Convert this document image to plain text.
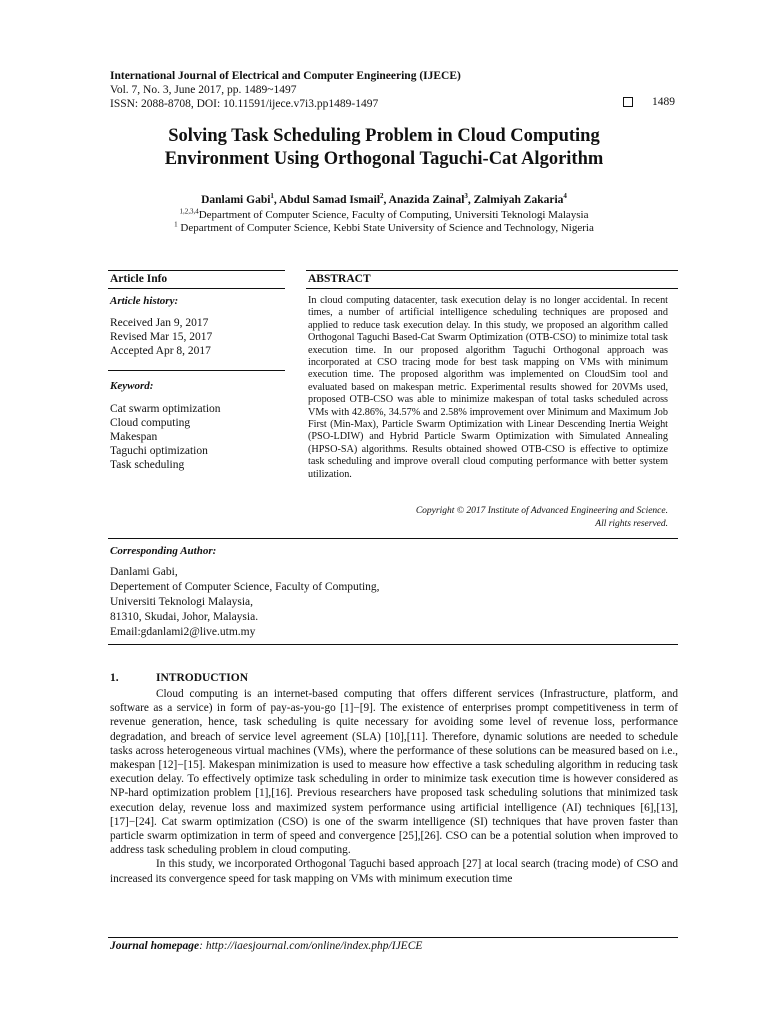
International Journal of Electrical and Computer Engineering (IJECE)
Vol. 7, No. 3, June 2017, pp. 1489~1497
ISSN: 2088-8708, DOI: 10.11591/ijece.v7i3.pp1489-1497	1489
Solving Task Scheduling Problem in Cloud Computing
Environment Using Orthogonal Taguchi-Cat Algorithm
Danlami Gabi$^1$, Abdul Samad Ismail$^2$, Anazida Zainal$^3$, Zalmiyah Zakaria$^4$
$^{1,2,3,4}$Department of Computer Science, Faculty of Computing, Universiti Teknologi Malaysia
$^1$ Department of Computer Science, Kebbi State University of Science and Technology, Nigeria
Article Info
Article history:
Received Jan 9, 2017
Revised Mar 15, 2017
Accepted Apr 8, 2017
Keyword:
Cat swarm optimization
Cloud computing
Makespan
Taguchi optimization
Task scheduling
ABSTRACT
In cloud computing datacenter, task execution delay is no longer accidental. In recent times, a number of artificial intelligence scheduling techniques are proposed and applied to reduce task execution delay. In this study, we proposed an algorithm called Orthogonal Taguchi Based-Cat Swarm Optimization (OTB-CSO) to minimize total task execution time. In our proposed algorithm Taguchi Orthogonal approach was incorporated at CSO tracing mode for best task mapping on VMs with minimum execution time. The proposed algorithm was implemented on CloudSim tool and evaluated based on makespan metric. Experimental results showed for 20VMs used, proposed OTB-CSO was able to minimize makespan of total tasks scheduled across VMs with 42.86%, 34.57% and 2.58% improvement over Minimum and Maximum Job First (Min-Max), Particle Swarm Optimization with Linear Descending Inertia Weight (PSO-LDIW) and Hybrid Particle Swarm Optimization with Simulated Annealing (HPSO-SA) algorithms. Results obtained showed OTB-CSO is effective to optimize task scheduling and improve overall cloud computing performance with better system utilization.
Copyright © 2017 Institute of Advanced Engineering and Science.
All rights reserved.
Corresponding Author:
Danlami Gabi,
Depertement of Computer Science, Faculty of Computing,
Universiti Teknologi Malaysia,
81310, Skudai, Johor, Malaysia.
Email:gdanlami2@live.utm.my
1.	INTRODUCTION

Cloud computing is an internet-based computing that offers different services (Infrastructure, platform, and software as a service) in form of pay-as-you-go [1]−[9]. The existence of enterprises prompt competitiveness in term of revenue generation, hence, task scheduling is quite necessary for avoiding some level of revenue loss, performance degradation, and breach of service level agreement (SLA) [10],[11]. Therefore, dynamic solutions are needed to schedule tasks across heterogeneous virtual machines (VMs), where the performance of these solutions can be measured based on i.e., makespan [12]−[15]. Makespan minimization is used to measure how effective a task scheduling algorithm in reducing task execution delay. To effectively optimize task scheduling in order to minimize task execution time is however considered as NP-hard optimization problem [1],[16]. Previous researchers have proposed task scheduling solutions that minimized task execution delay, revenue loss and maximized system performance using artificial intelligence (AI) techniques [6],[13],[17]−[24]. Cat swarm optimization (CSO) is one of the swarm intelligence (SI) techniques that have proven faster than particle swarm optimization in term of speed and convergence [25],[26]. CSO can be a potential solution when improved to address task scheduling problem in cloud computing.

In this study, we incorporated Orthogonal Taguchi based approach [27] at local search (tracing mode) of CSO and increased its convergence speed for task mapping on VMs with minimum execution time

Journal homepage: http://iaesjournal.com/online/index.php/IJECE
